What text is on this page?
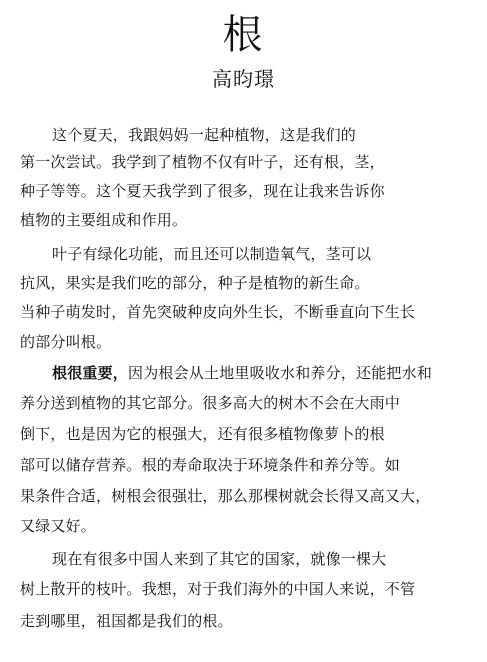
根
高昀璟
这个夏天，我跟妈妈一起种植物，这是我们的
第一次尝试。我学到了植物不仅有叶子，还有根，茎，
种子等等。这个夏天我学到了很多，现在让我来告诉你
植物的主要组成和作用。
叶子有绿化功能，而且还可以制造氧气，茎可以
抗风，果实是我们吃的部分，种子是植物的新生命。
当种子萌发时，首先突破种皮向外生长，不断垂直向下生长
的部分叫根。
根很重要，因为根会从土地里吸收水和养分，还能把水和
养分送到植物的其它部分。很多高大的树木不会在大雨中
倒下，也是因为它的根强大，还有很多植物像萝卜的根
部可以储存营养。根的寿命取决于环境条件和养分等。如
果条件合适，树根会很强壮，那么那棵树就会长得又高又大，
又绿又好。
现在有很多中国人来到了其它的国家，就像一棵大
树上散开的枝叶。我想，对于我们海外的中国人来说，不管
走到哪里，祖国都是我们的根。
